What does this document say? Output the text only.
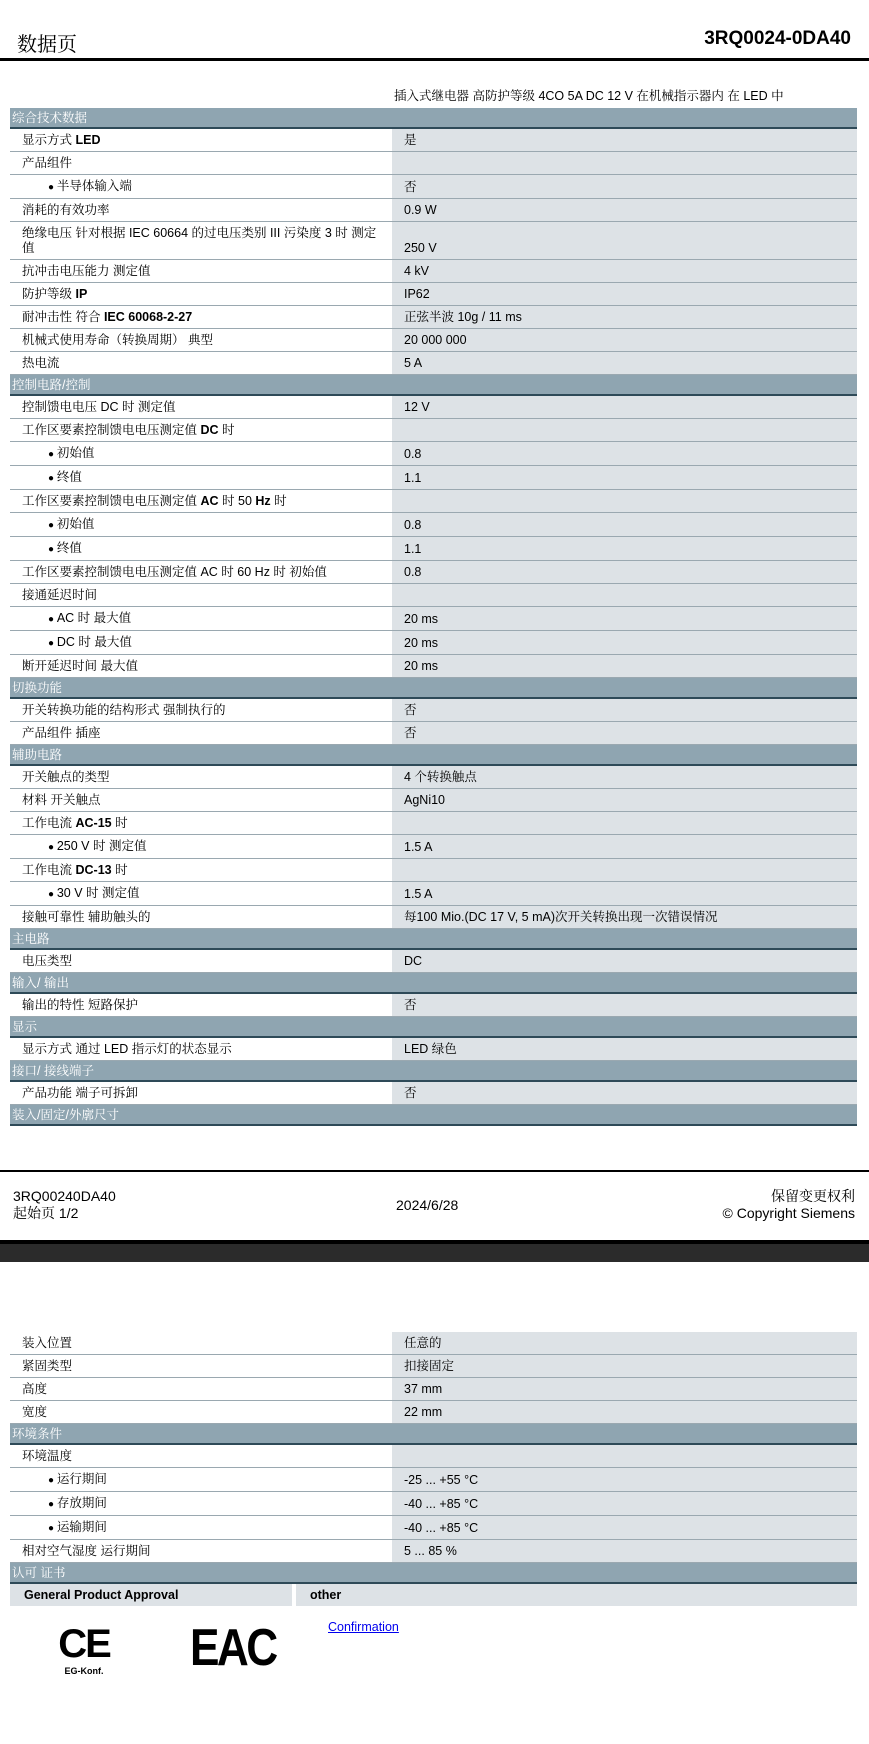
数据页	3RQ0024-0DA40
插入式继电器 高防护等级 4CO 5A DC 12 V 在机械指示器内 在 LED 中
综合技术数据
显示方式 LED	是
产品组件
● 半导体输入端	否
消耗的有效功率	0.9 W
绝缘电压 针对根据 IEC 60664 的过电压类别 III 污染度 3 时 测定值	250 V
抗冲击电压能力 测定值	4 kV
防护等级 IP	IP62
耐冲击性 符合 IEC 60068-2-27	正弦半波 10g / 11 ms
机械式使用寿命（转换周期） 典型	20 000 000
热电流	5 A
控制电路/控制
控制馈电电压 DC 时 测定值	12 V
工作区要素控制馈电电压测定值 DC 时
● 初始值	0.8
● 终值	1.1
工作区要素控制馈电电压测定值 AC 时 50 Hz 时
● 初始值	0.8
● 终值	1.1
工作区要素控制馈电电压测定值 AC 时 60 Hz 时 初始值	0.8
接通延迟时间
● AC 时 最大值	20 ms
● DC 时 最大值	20 ms
断开延迟时间 最大值	20 ms
切换功能
开关转换功能的结构形式 强制执行的	否
产品组件 插座	否
辅助电路
开关触点的类型	4 个转换触点
材料 开关触点	AgNi10
工作电流 AC-15 时
● 250 V 时 测定值	1.5 A
工作电流 DC-13 时
● 30 V 时 测定值	1.5 A
接触可靠性 辅助触头的	每100 Mio.(DC 17 V, 5 mA)次开关转换出现一次错误情况
主电路
电压类型	DC
输入/ 输出
输出的特性 短路保护	否
显示
显示方式 通过 LED 指示灯的状态显示	LED 绿色
接口/ 接线端子
产品功能 端子可拆卸	否
装入/固定/外廓尺寸
3RQ00240DA40
起始页 1/2	2024/6/28
保留变更权利
© Copyright Siemens
装入位置	任意的
紧固类型	扣接固定
高度	37 mm
宽度	22 mm
环境条件
环境温度
● 运行期间	-25 ... +55 °C
● 存放期间	-40 ... +85 °C
● 运输期间	-40 ... +85 °C
相对空气湿度 运行期间	5 ... 85 %
认可 证书
General Product Approval	other
CE
EG-Konf. EAC	Confirmation
